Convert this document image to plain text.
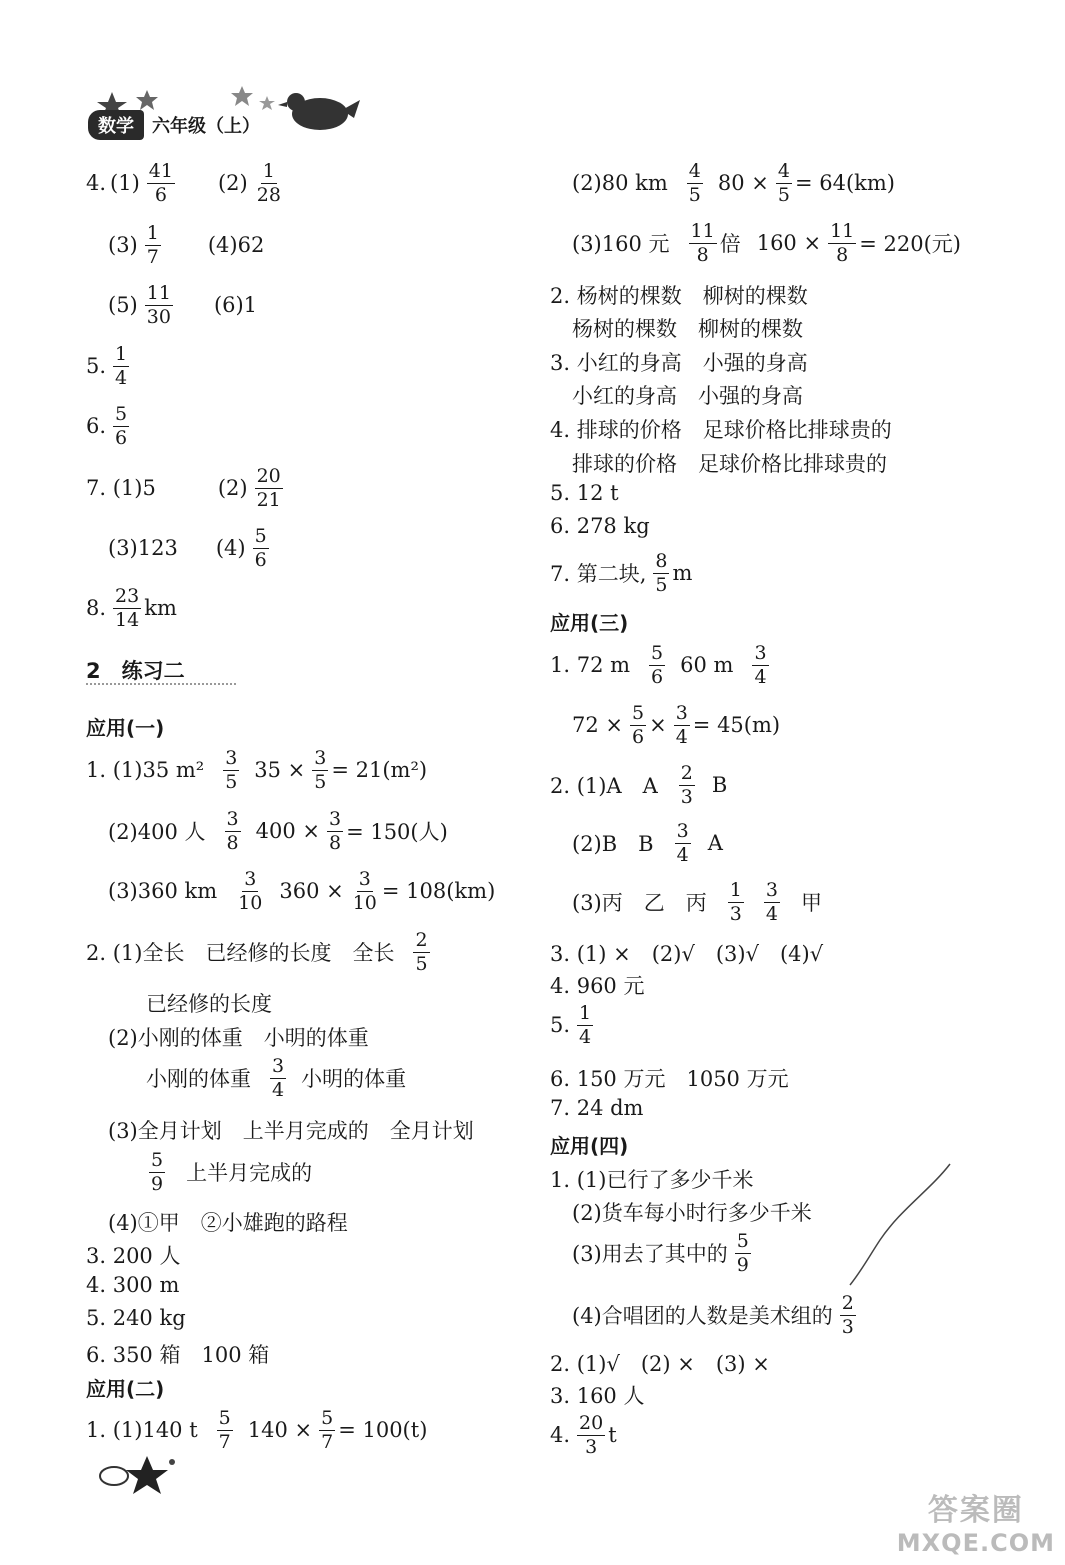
数学	六年级（上）
4. $(1) \frac{41}{6} (2) \frac{1}{28}$
$(3) \frac{1}{7} (4)62$
$(5) \frac{11}{30} (6)1$
5. $\frac{1}{4}$
6. $\frac{5}{6}$
7. (1)5	$(2) \frac{20}{21}$
(3)123 $(4) \frac{5}{6}$
8. $\frac{23}{14}$ km
2　练习二
应用(一)
1. (1)35 $m^2 \frac{3}{5} 35 \times \frac{3}{5} = 21(m^2)$
(2)400 人 $\frac{3}{8} 400 \times \frac{3}{8} = 150$(人)
(3)360 km $\frac{3}{10} 360 \times \frac{3}{10} = 108(km)$
2. (1)全长　已经修的长度　全长 $\frac{2}{5}$
已经修的长度
(2)小刚的体重　小明的体重
小刚的体重 $\frac{3}{4}$ 小明的体重
(3)全月计划　上半月完成的　全月计划
$\frac{5}{9}$ 上半月完成的
(4)①甲　②小雄跑的路程
3. 200 人
4. 300 m
5. 240 kg
6. 350 箱　100 箱
应用(二)
1. (1)140 t $\frac{5}{7} 140 \times \frac{5}{7} = 100(t)$
(2)80 km $\frac{4}{5} 80 \times \frac{4}{5} = 64(km)$
(3)160 元 $\frac{11}{8}$ 倍 $160 \times \frac{11}{8} = 220$(元)
2. 杨树的棵数　柳树的棵数
杨树的棵数　柳树的棵数
3. 小红的身高　小强的身高
小红的身高　小强的身高
4. 排球的价格　足球价格比排球贵的
排球的价格　足球价格比排球贵的
5. 12 t
6. 278 kg
7. 第二块, $\frac{8}{5}$ m
应用(三)
1. 72 m $\frac{5}{6} 60$ m $\frac{3}{4}$
$72 \times \frac{5}{6} \times \frac{3}{4} = 45(m)$
2. (1)A　A $\frac{2}{3}$ B
(2)B　B $\frac{3}{4}$ A
(3)丙　乙　丙 $\frac{1}{3} \frac{3}{4}$ 甲
3. (1) ×　(2)√　(3)√　(4)√
4. 960 元
5. $\frac{1}{4}$
6. 150 万元　1050 万元
7. 24 dm
应用(四)
1. (1)已行了多少千米
(2)货车每小时行多少千米
(3)用去了其中的 $\frac{5}{9}$
(4)合唱团的人数是美术组的 $\frac{2}{3}$
2. (1)√　(2) ×　(3) ×
3. 160 人
4. $\frac{20}{3}$ t
答案圈
MXQE.COM
